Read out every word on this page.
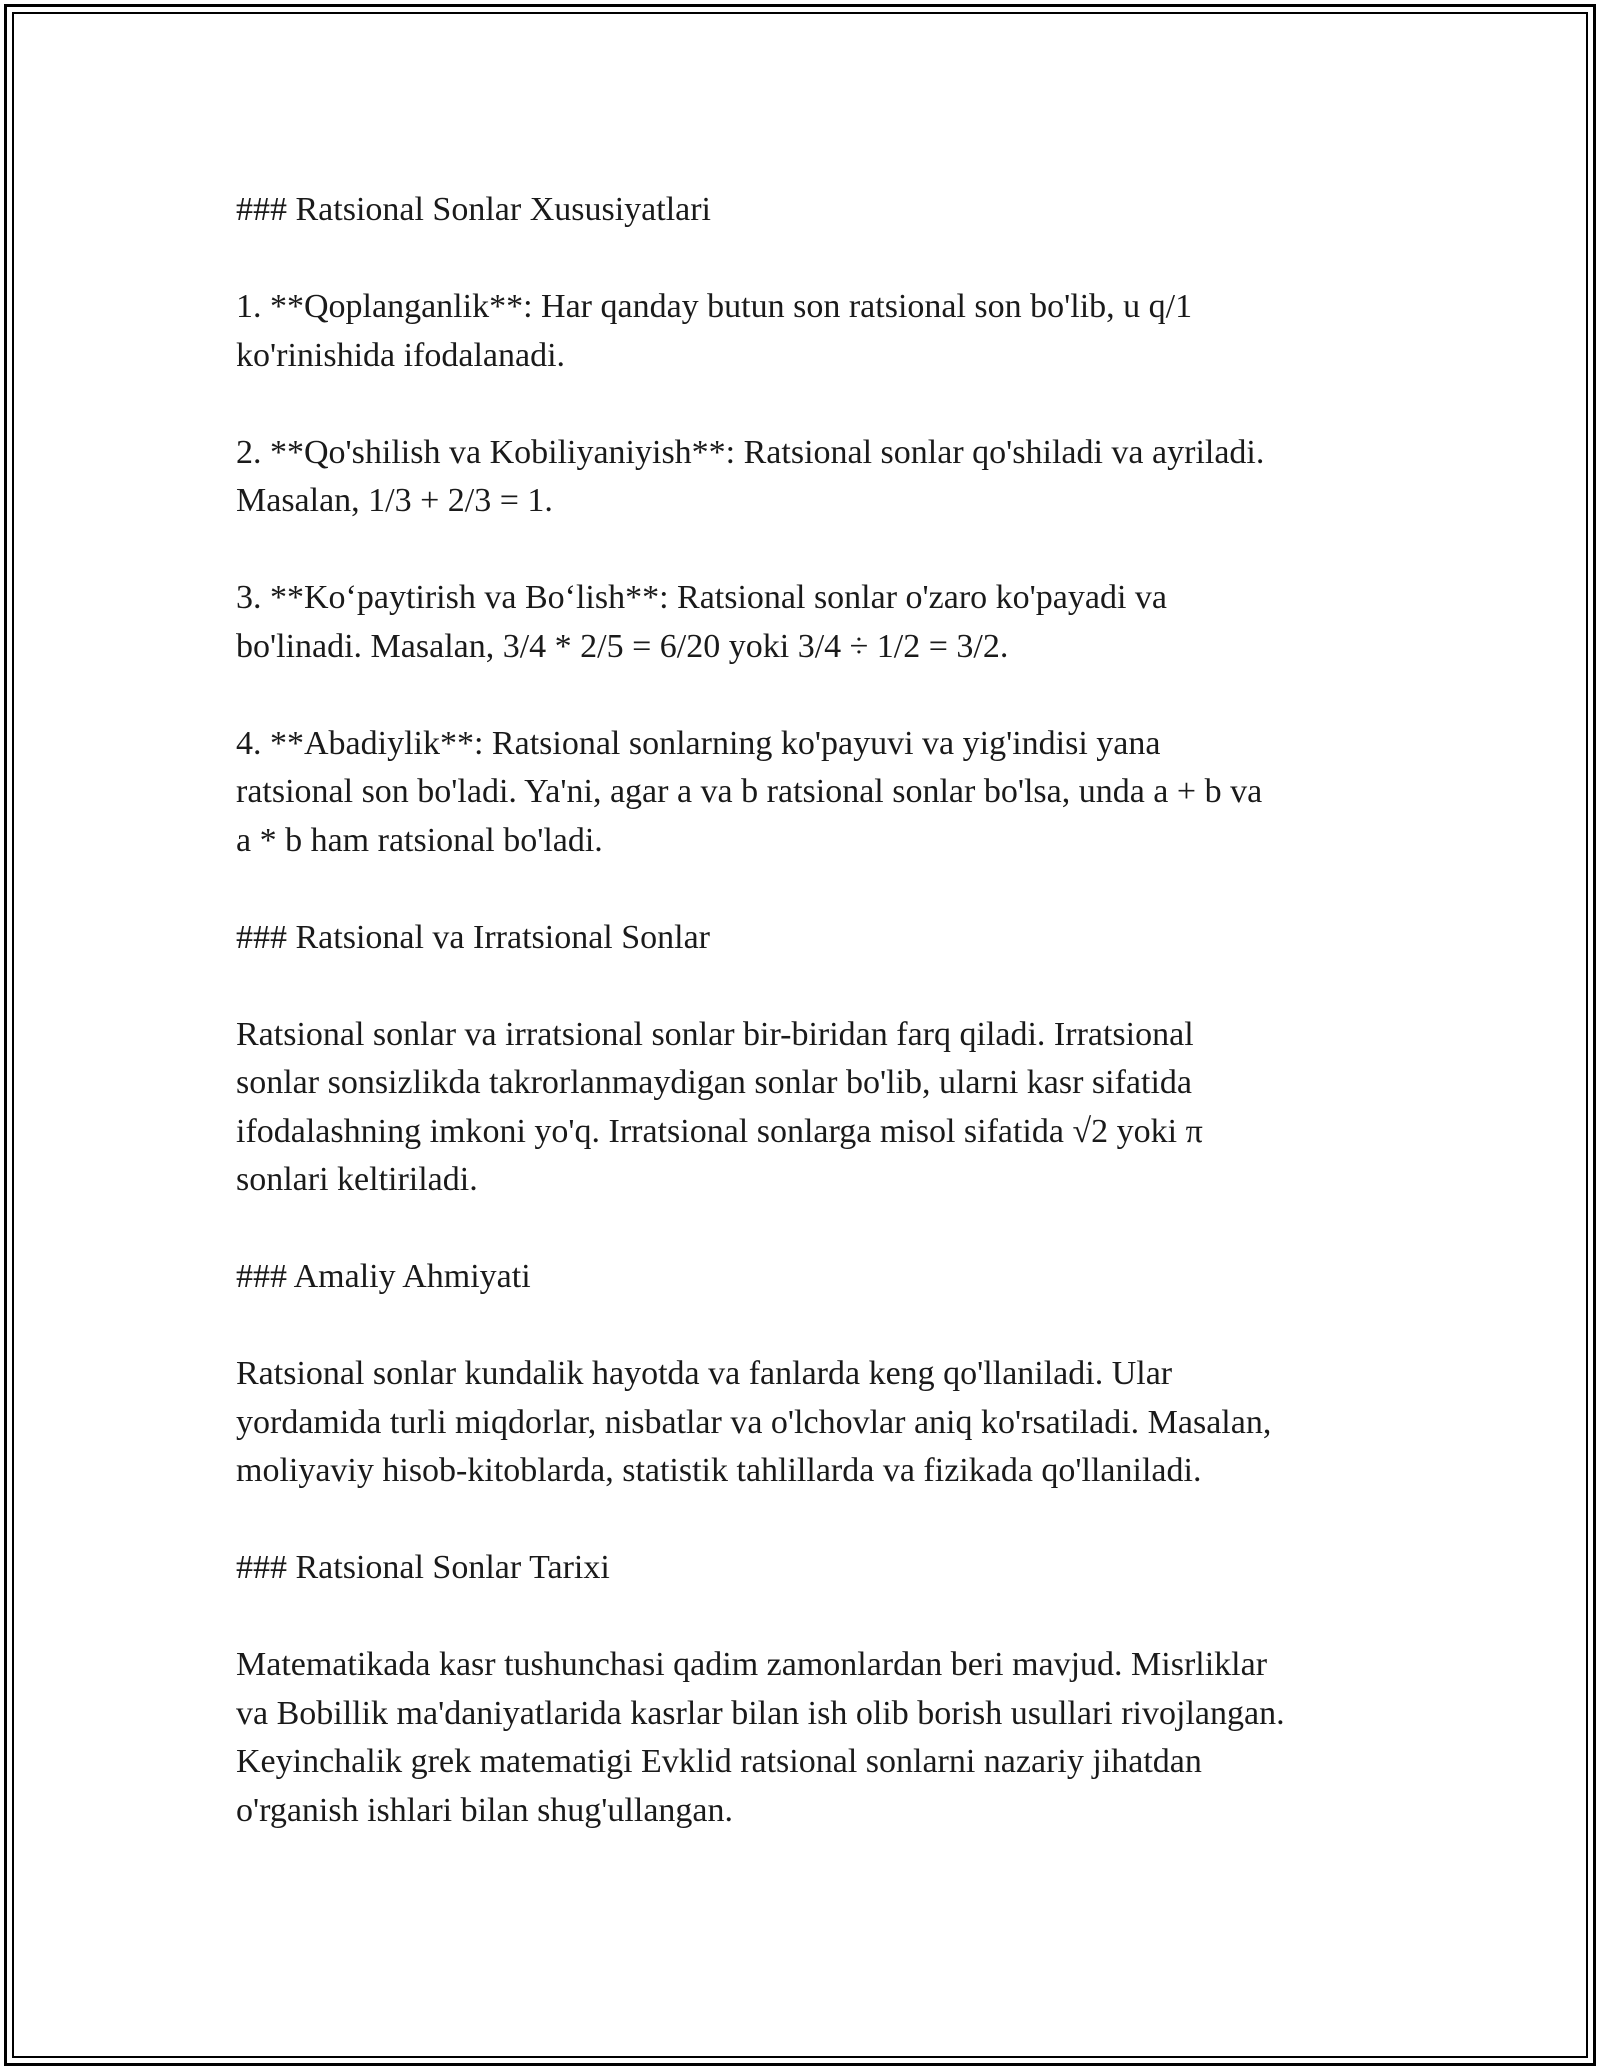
### Ratsional Sonlar Xususiyatlari
1. **Qoplanganlik**: Har qanday butun son ratsional son bo'lib, u q/1
ko'rinishida ifodalanadi.
2. **Qo'shilish va Kobiliyaniyish**: Ratsional sonlar qo'shiladi va ayriladi.
Masalan, 1/3 + 2/3 = 1.
3. **Koʻpaytirish va Boʻlish**: Ratsional sonlar o'zaro ko'payadi va
bo'linadi. Masalan, 3/4 * 2/5 = 6/20 yoki 3/4 ÷ 1/2 = 3/2.
4. **Abadiylik**: Ratsional sonlarning ko'payuvi va yig'indisi yana
ratsional son bo'ladi. Ya'ni, agar a va b ratsional sonlar bo'lsa, unda a + b va
a * b ham ratsional bo'ladi.
### Ratsional va Irratsional Sonlar
Ratsional sonlar va irratsional sonlar bir-biridan farq qiladi. Irratsional
sonlar sonsizlikda takrorlanmaydigan sonlar bo'lib, ularni kasr sifatida
ifodalashning imkoni yo'q. Irratsional sonlarga misol sifatida √2 yoki π
sonlari keltiriladi.
### Amaliy Ahmiyati
Ratsional sonlar kundalik hayotda va fanlarda keng qo'llaniladi. Ular
yordamida turli miqdorlar, nisbatlar va o'lchovlar aniq ko'rsatiladi. Masalan,
moliyaviy hisob-kitoblarda, statistik tahlillarda va fizikada qo'llaniladi.
### Ratsional Sonlar Tarixi
Matematikada kasr tushunchasi qadim zamonlardan beri mavjud. Misrliklar
va Bobillik ma'daniyatlarida kasrlar bilan ish olib borish usullari rivojlangan.
Keyinchalik grek matematigi Evklid ratsional sonlarni nazariy jihatdan
o'rganish ishlari bilan shug'ullangan.
